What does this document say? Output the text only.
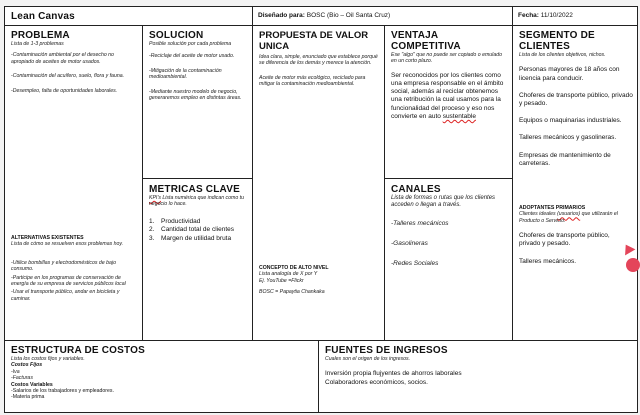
Lean Canvas	Diseñado para: BOSC (Bio – Oil Santa Cruz)	Fecha: 11/10/2022
PROBLEMA
Lista de 1-3 problemas
-Contaminación ambiental por el desecho no apropiado de aceites de motor usados.
-Contaminación del acuífero, suelo, flora y fauna.
-Desempleo, falta de oportunidades laborales.
ALTERNATIVAS EXISTENTES
Lista de cómo se resuelven esos problemas hoy.
-Utilice bombillas y electrodomésticos de bajo consumo.
-Participe en los programas de conservación de energía de su empresa de servicios públicos local
-Usar el transporte público, andar en bicicleta y caminar.
SOLUCION
Posible solución por cada problema
-Reciclaje del aceite de motor usado.
-Mitigación de la contaminación medioambiental.
-Mediante nuestro modelo de negocio, generaremos empleo en distintas áreas.
METRICAS CLAVE
KPI's Lista numérica que indican como tu negocio lo hace.
1. Productividad
2. Cantidad total de clientes
3. Margen de utilidad bruta
PROPUESTA DE VALOR UNICA
Idea clara, simple, enunciado que establece porqué se diferencia de los demás y merece la atención.
Aceite de motor más ecológico, reciclado para mitigar la contaminación medioambiental.
CONCEPTO DE ALTO NIVEL
Lista analogía de X por Y
Ej. YouTube =Flickr
BOSC = Papaytia Chankaka
VENTAJA COMPETITIVA
Ese "algo" que no puede ser copiado o emulado en un corto plazo.
Ser reconocidos por los clientes como una empresa responsable en el ámbito social, además al reciclar obtenemos una retribución la cual usamos para la funcionalidad del proceso y eso nos convierte en auto sustentable
CANALES
Lista de formas o rutas que los clientes acceden o llegan a través.
-Talleres mecánicos
-Gasolineras
-Redes Sociales
SEGMENTO DE CLIENTES
Lista de los clientes objetivos, nichos.
Personas mayores de 18 años con licencia para conducir.
Choferes de transporte público, privado y pesado.
Equipos o maquinarias industriales.
Talleres mecánicos y gasolineras.
Empresas de mantenimiento de carreteras.
ADOPTANTES PRIMARIOS
Clientes ideales (usuarios) que utilizarán el Producto o Servicio.
Choferes de transporte público, privado y pesado.
Talleres mecánicos.
ESTRUCTURA DE COSTOS
Lista los costos fijos y variables.
Costos Fijos
-Iva
-Facturas
Costos Variables
-Salarios de los trabajadores y empleadores.
-Materia prima
FUENTES DE INGRESOS
Cuales son el origen de los ingresos.
Inversión propia flujyentes de ahorros laborales
Colaboradores económicos, socios.
